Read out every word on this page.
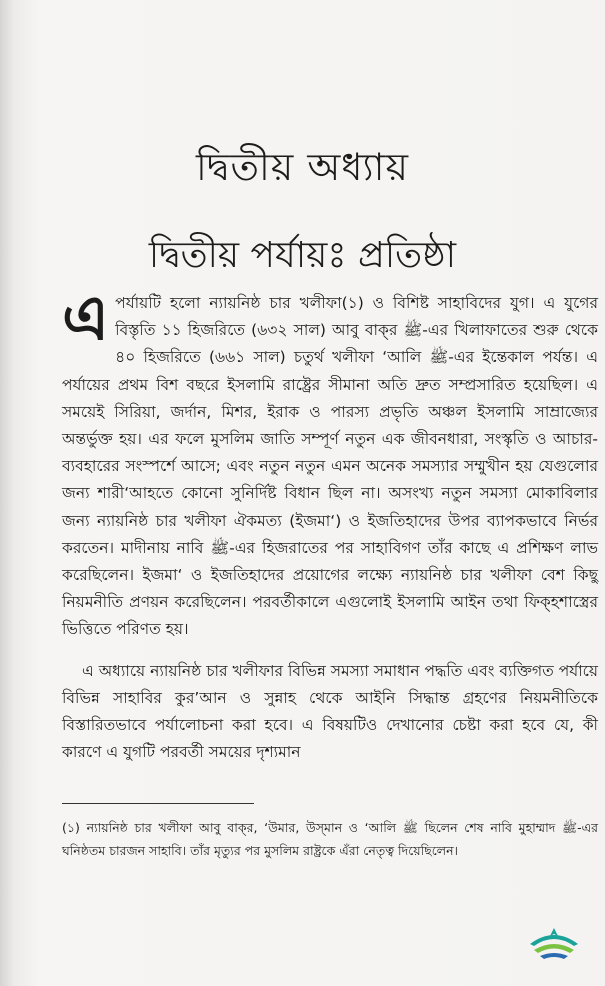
দ্বিতীয় অধ্যায়
দ্বিতীয় পর্যায়ঃ প্রতিষ্ঠা

এপর্যায়টি হলো ন্যায়নিষ্ঠ চার খলীফা(১) ও বিশিষ্ট সাহাবিদের যুগ। এ যুগের বিস্তৃতি ১১ হিজরিতে (৬৩২ সাল) আবু বাক্‌র ﷺ-এর খিলাফাতের শুরু থেকে ৪০ হিজরিতে (৬৬১ সাল) চতুর্থ খলীফা ‘আলি ﷺ-এর ইন্তেকাল পর্যন্ত। এ পর্যায়ের প্রথম বিশ বছরে ইসলামি রাষ্ট্রের সীমানা অতি দ্রুত সম্প্রসারিত হয়েছিল। এ সময়েই সিরিয়া, জর্দান, মিশর, ইরাক ও পারস্য প্রভৃতি অঞ্চল ইসলামি সাম্রাজ্যের অন্তর্ভুক্ত হয়। এর ফলে মুসলিম জাতি সম্পূর্ণ নতুন এক জীবনধারা, সংস্কৃতি ও আচার-ব্যবহারের সংস্পর্শে আসে; এবং নতুন নতুন এমন অনেক সমস্যার সম্মুখীন হয় যেগুলোর জন্য শারী‘আহতে কোনো সুনির্দিষ্ট বিধান ছিল না। অসংখ্য নতুন সমস্যা মোকাবিলার জন্য ন্যায়নিষ্ঠ চার খলীফা ঐকমত্য (ইজমা‘) ও ইজতিহাদের উপর ব্যাপকভাবে নির্ভর করতেন। মাদীনায় নাবি ﷺ-এর হিজরাতের পর সাহাবিগণ তাঁর কাছে এ প্রশিক্ষণ লাভ করেছিলেন। ইজমা‘ ও ইজতিহাদের প্রয়োগের লক্ষ্যে ন্যায়নিষ্ঠ চার খলীফা বেশ কিছু নিয়মনীতি প্রণয়ন করেছিলেন। পরবর্তীকালে এগুলোই ইসলামি আইন তথা ফিক্‌হশাস্ত্রের ভিত্তিতে পরিণত হয়।

এ অধ্যায়ে ন্যায়নিষ্ঠ চার খলীফার বিভিন্ন সমস্যা সমাধান পদ্ধতি এবং ব্যক্তিগত পর্যায়ে বিভিন্ন সাহাবির কুর’আন ও সুন্নাহ থেকে আইনি সিদ্ধান্ত গ্রহণের নিয়মনীতিকে বিস্তারিতভাবে পর্যালোচনা করা হবে। এ বিষয়টিও দেখানোর চেষ্টা করা হবে যে, কী কারণে এ যুগটি পরবর্তী সময়ের দৃশ্যমান

(১) ন্যায়নিষ্ঠ চার খলীফা আবু বাক্‌র, ‘উমার, উস্‌মান ও ‘আলি ﷺ ছিলেন শেষ নাবি মুহাম্মাদ ﷺ-এর ঘনিষ্ঠতম চারজন সাহাবি। তাঁর মৃত্যুর পর মুসলিম রাষ্ট্রকে এঁরা নেতৃত্ব দিয়েছিলেন।
